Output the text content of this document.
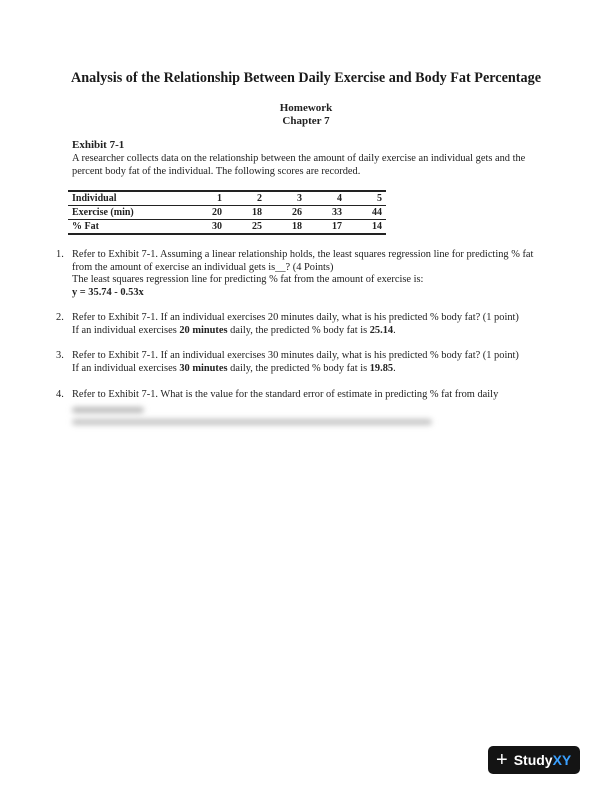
Analysis of the Relationship Between Daily Exercise and Body Fat Percentage
Homework
Chapter 7
Exhibit 7-1
A researcher collects data on the relationship between the amount of daily exercise an individual gets and the percent body fat of the individual. The following scores are recorded.
Individual	1	2	3	4	5
Exercise (min)	20	18	26	33	44
% Fat	30	25	18	17	14
1. Refer to Exhibit 7-1. Assuming a linear relationship holds, the least squares regression line for predicting % fat from the amount of exercise an individual gets is__? (4 Points)
The least squares regression line for predicting % fat from the amount of exercise is:
y = 35.74 - 0.53x
2. Refer to Exhibit 7-1. If an individual exercises 20 minutes daily, what is his predicted % body fat? (1 point)
If an individual exercises 20 minutes daily, the predicted % body fat is 25.14.
3. Refer to Exhibit 7-1. If an individual exercises 30 minutes daily, what is his predicted % body fat? (1 point)
If an individual exercises 30 minutes daily, the predicted % body fat is 19.85.
4. Refer to Exhibit 7-1. What is the value for the standard error of estimate in predicting % fat from daily
+ Study XY
